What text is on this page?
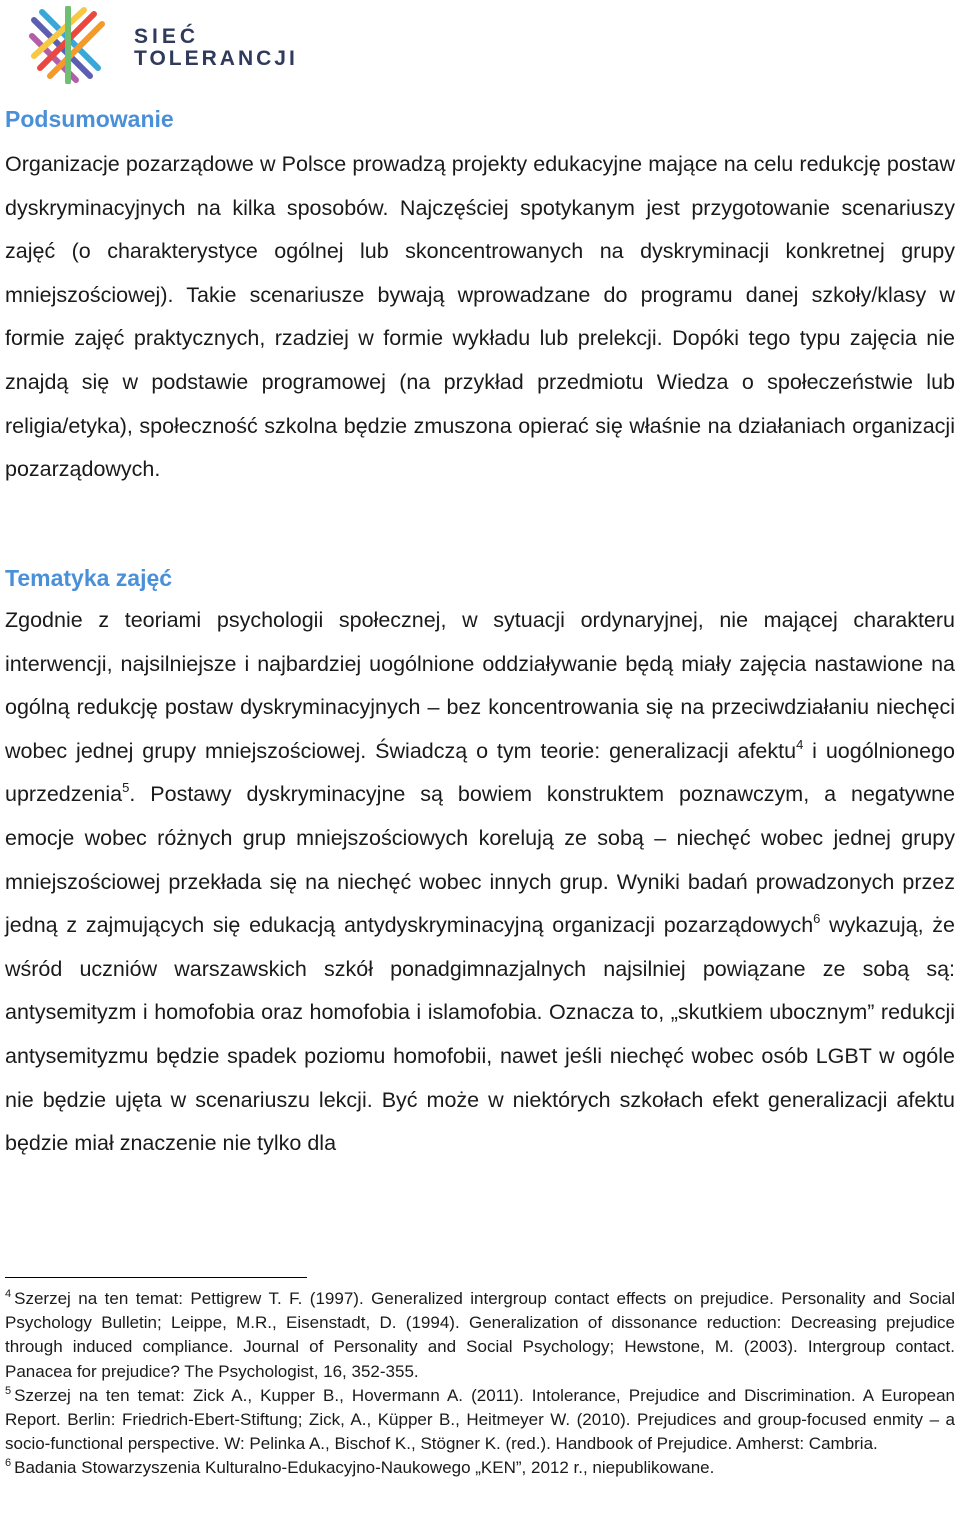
SIEĆ
TOLERANCJI
Podsumowanie

Organizacje pozarządowe w Polsce prowadzą projekty edukacyjne mające na celu redukcję postaw dyskryminacyjnych na kilka sposobów. Najczęściej spotykanym jest przygotowanie scenariuszy zajęć (o charakterystyce ogólnej lub skoncentrowanych na dyskryminacji konkretnej grupy mniejszościowej). Takie scenariusze bywają wprowadzane do programu danej szkoły/klasy w formie zajęć praktycznych, rzadziej w formie wykładu lub prelekcji. Dopóki tego typu zajęcia nie znajdą się w podstawie programowej (na przykład przedmiotu Wiedza o społeczeństwie lub religia/etyka), społeczność szkolna będzie zmuszona opierać się właśnie na działaniach organizacji pozarządowych.

Tematyka zajęć

Zgodnie z teoriami psychologii społecznej, w sytuacji ordynaryjnej, nie mającej charakteru interwencji, najsilniejsze i najbardziej uogólnione oddziaływanie będą miały zajęcia nastawione na ogólną redukcję postaw dyskryminacyjnych – bez koncentrowania się na przeciwdziałaniu niechęci wobec jednej grupy mniejszościowej. Świadczą o tym teorie: generalizacji afektu$^4$ i uogólnionego uprzedzenia$^5$. Postawy dyskryminacyjne są bowiem konstruktem poznawczym, a negatywne emocje wobec różnych grup mniejszościowych korelują ze sobą – niechęć wobec jednej grupy mniejszościowej przekłada się na niechęć wobec innych grup. Wyniki badań prowadzonych przez jedną z zajmujących się edukacją antydyskryminacyjną organizacji pozarządowych$^6$ wykazują, że wśród uczniów warszawskich szkół ponadgimnazjalnych najsilniej powiązane ze sobą są: antysemityzm i homofobia oraz homofobia i islamofobia. Oznacza to, „skutkiem ubocznym” redukcji antysemityzmu będzie spadek poziomu homofobii, nawet jeśli niechęć wobec osób LGBT w ogóle nie będzie ujęta w scenariuszu lekcji. Być może w niektórych szkołach efekt generalizacji afektu będzie miał znaczenie nie tylko dla

$^4$ Szerzej na ten temat: Pettigrew T. F. (1997). Generalized intergroup contact effects on prejudice. Personality and Social Psychology Bulletin; Leippe, M.R., Eisenstadt, D. (1994). Generalization of dissonance reduction: Decreasing prejudice through induced compliance. Journal of Personality and Social Psychology; Hewstone, M. (2003). Intergroup contact. Panacea for prejudice? The Psychologist, 16, 352-355.

$^5$ Szerzej na ten temat: Zick A., Kupper B., Hovermann A. (2011). Intolerance, Prejudice and Discrimination. A European Report. Berlin: Friedrich-Ebert-Stiftung; Zick, A., Küpper B., Heitmeyer W. (2010). Prejudices and group-focused enmity – a socio-functional perspective. W: Pelinka A., Bischof K., Stögner K. (red.). Handbook of Prejudice. Amherst: Cambria.

$^6$ Badania Stowarzyszenia Kulturalno-Edukacyjno-Naukowego „KEN”, 2012 r., niepublikowane.
